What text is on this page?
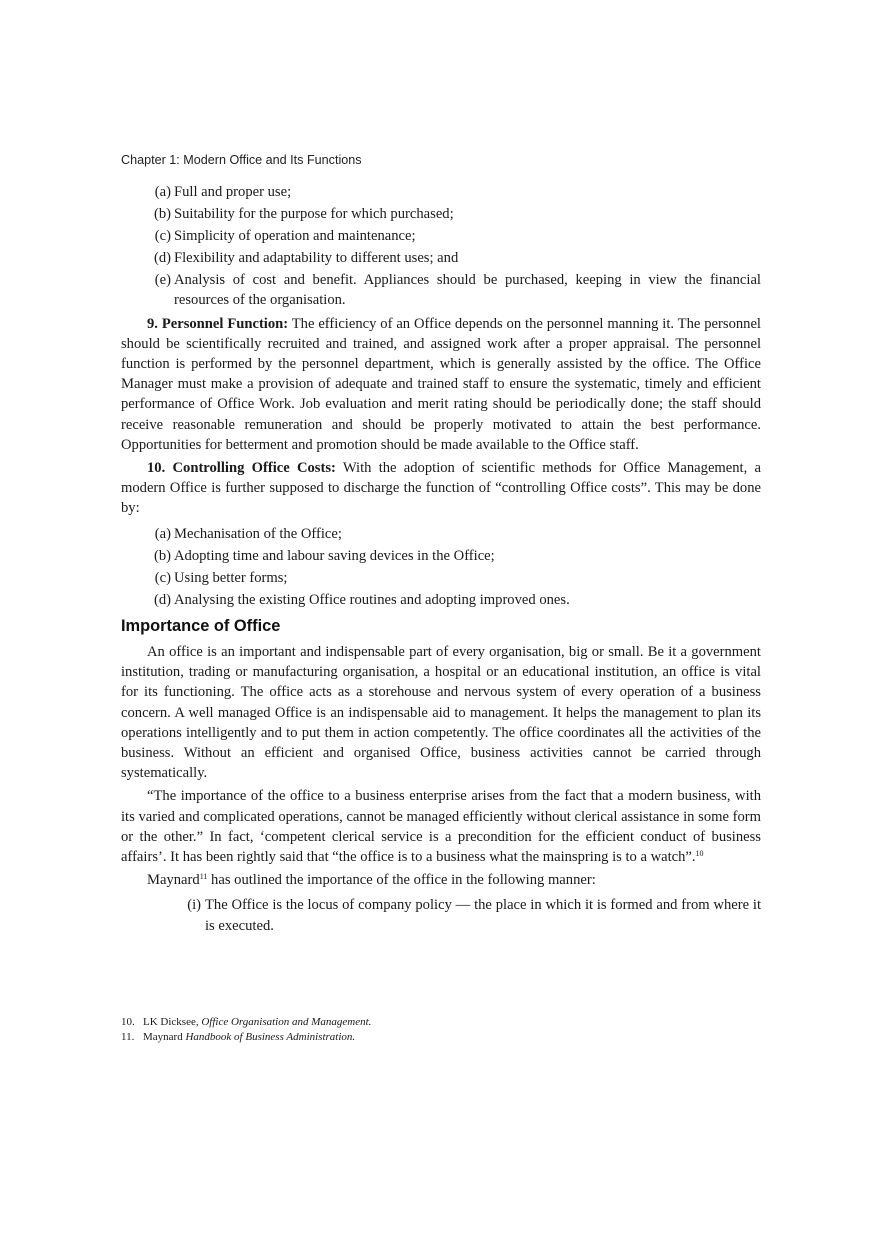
Chapter 1: Modern Office and Its Functions
(a) Full and proper use;
(b) Suitability for the purpose for which purchased;
(c) Simplicity of operation and maintenance;
(d) Flexibility and adaptability to different uses; and
(e) Analysis of cost and benefit. Appliances should be purchased, keeping in view the financial resources of the organisation.

9. Personnel Function: The efficiency of an Office depends on the personnel manning it. The personnel should be scientifically recruited and trained, and assigned work after a proper appraisal. The personnel function is performed by the personnel department, which is generally assisted by the office. The Office Manager must make a provision of adequate and trained staff to ensure the systematic, timely and efficient performance of Office Work. Job evaluation and merit rating should be periodically done; the staff should receive reasonable remuneration and should be properly motivated to attain the best performance. Opportunities for betterment and promotion should be made available to the Office staff.

10. Controlling Office Costs: With the adoption of scientific methods for Office Management, a modern Office is further supposed to discharge the function of “controlling Office costs”. This may be done by:

(a) Mechanisation of the Office;
(b) Adopting time and labour saving devices in the Office;
(c) Using better forms;
(d) Analysing the existing Office routines and adopting improved ones.
Importance of Office

An office is an important and indispensable part of every organisation, big or small. Be it a government institution, trading or manufacturing organisation, a hospital or an educational institution, an office is vital for its functioning. The office acts as a storehouse and nervous system of every operation of a business concern. A well managed Office is an indispensable aid to management. It helps the management to plan its operations intelligently and to put them in action competently. The office coordinates all the activities of the business. Without an efficient and organised Office, business activities cannot be carried through systematically.

“The importance of the office to a business enterprise arises from the fact that a modern business, with its varied and complicated operations, cannot be managed efficiently without clerical assistance in some form or the other.” In fact, ‘competent clerical service is a precondition for the efficient conduct of business affairs’. It has been rightly said that “the office is to a business what the mainspring is to a watch”.$^{10}$

Maynard$^{11}$ has outlined the importance of the office in the following manner:

(i) The Office is the locus of company policy — the place in which it is formed and from where it is executed.
10. LK Dicksee, Office Organisation and Management.
11. Maynard Handbook of Business Administration.
